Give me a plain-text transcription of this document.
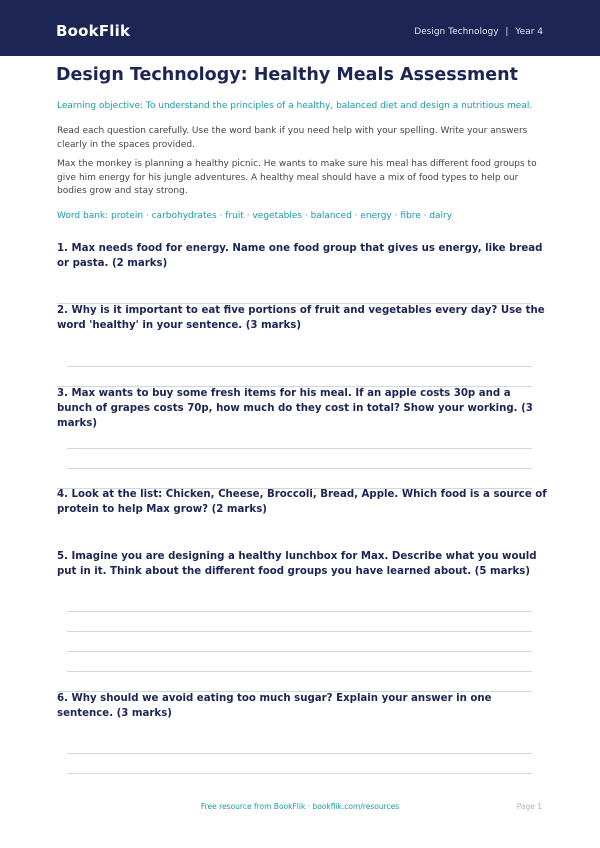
BookFlik	Design Technology | Year 4
Design Technology: Healthy Meals Assessment
Learning objective: To understand the principles of a healthy, balanced diet and design a nutritious meal.
Read each question carefully. Use the word bank if you need help with your spelling. Write your answers clearly in the spaces provided.
Max the monkey is planning a healthy picnic. He wants to make sure his meal has different food groups to give him energy for his jungle adventures. A healthy meal should have a mix of food types to help our bodies grow and stay strong.
Word bank: protein · carbohydrates · fruit · vegetables · balanced · energy · fibre · dairy
1. Max needs food for energy. Name one food group that gives us energy, like bread or pasta. (2 marks)
2. Why is it important to eat five portions of fruit and vegetables every day? Use the word 'healthy' in your sentence. (3 marks)
3. Max wants to buy some fresh items for his meal. If an apple costs 30p and a bunch of grapes costs 70p, how much do they cost in total? Show your working. (3 marks)
4. Look at the list: Chicken, Cheese, Broccoli, Bread, Apple. Which food is a source of protein to help Max grow? (2 marks)
5. Imagine you are designing a healthy lunchbox for Max. Describe what you would put in it. Think about the different food groups you have learned about. (5 marks)
6. Why should we avoid eating too much sugar? Explain your answer in one sentence. (3 marks)
Free resource from BookFlik · bookflik.com/resources	Page 1
